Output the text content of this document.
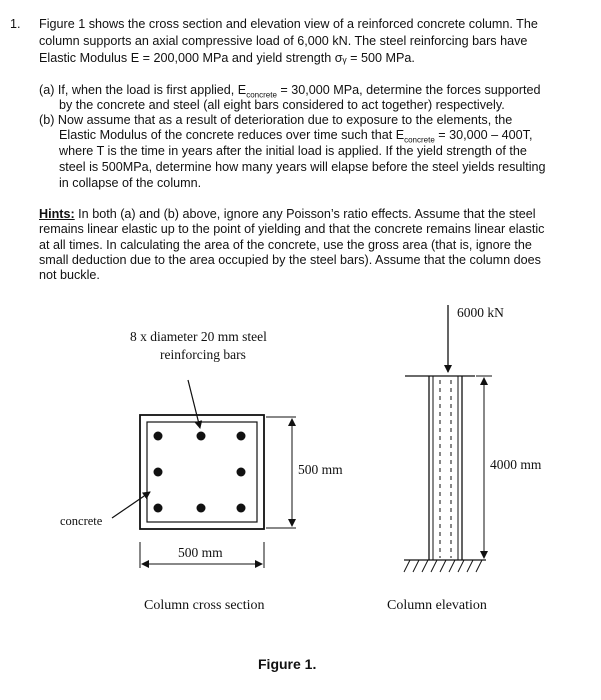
1. Figure 1 shows the cross section and elevation view of a reinforced concrete column. The
column supports an axial compressive load of 6,000 kN. The steel reinforcing bars have
Elastic Modulus E = 200,000 MPa and yield strength σᵧ = 500 MPa.
(a) If, when the load is first applied, $E_{concrete} = 30,000$ MPa, determine the forces supported
by the concrete and steel (all eight bars considered to act together) respectively.
(b) Now assume that as a result of deterioration due to exposure to the elements, the
Elastic Modulus of the concrete reduces over time such that $E_{concrete} = 30,000 - 400T$,
where T is the time in years after the initial load is applied. If the yield strength of the
steel is 500MPa, determine how many years will elapse before the steel yields resulting
in collapse of the column.
Hints: In both (a) and (b) above, ignore any Poisson’s ratio effects. Assume that the steel
remains linear elastic up to the point of yielding and that the concrete remains linear elastic
at all times. In calculating the area of the concrete, use the gross area (that is, ignore the
small deduction due to the area occupied by the steel bars). Assume that the column does
not buckle.
8 x diameter 20 mm steel
reinforcing bars
concrete
500 mm
500 mm
6000 kN
4000 mm
Column cross section	Column elevation
Figure 1.
